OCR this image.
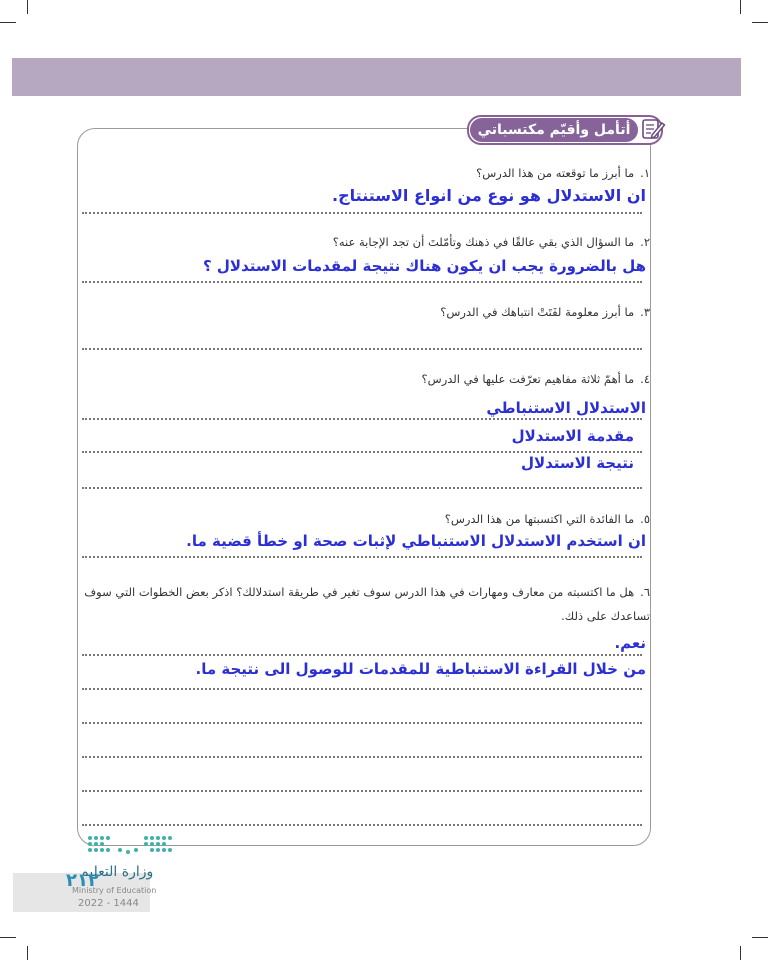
أتأمل وأقيّم مكتسباتي
١.ما أبرز ما توقعته من هذا الدرس؟
ان الاستدلال هو نوع من انواع الاستنتاج.
٢.ما السؤال الذي بقي عالقًا في ذهنك وتأمّلتَ أن تجد الإجابة عنه؟
هل بالضرورة يجب ان يكون هناك نتيجة لمقدمات الاستدلال ؟
٣.ما أبرز معلومة لفَتَتْ انتباهك في الدرس؟
٤.ما أهمّ ثلاثة مفاهيم تعرّفت عليها في الدرس؟
الاستدلال الاستنباطي
مقدمة الاستدلال
نتيجة الاستدلال
٥.ما الفائدة التي اكتسبتها من هذا الدرس؟
ان استخدم الاستدلال الاستنباطي لإثبات صحة او خطأ قضية ما.
٦.هل ما اكتسبته من معارف ومهارات في هذا الدرس سوف تغير في طريقة استدلالك؟ اذكر بعض الخطوات التي سوف تساعدك على ذلك.
نعم.
من خلال القراءة الاستنباطية للمقدمات للوصول الى نتيجة ما.
وزارة التعليم
٢١٢
Ministry of Education
2022 - 1444
